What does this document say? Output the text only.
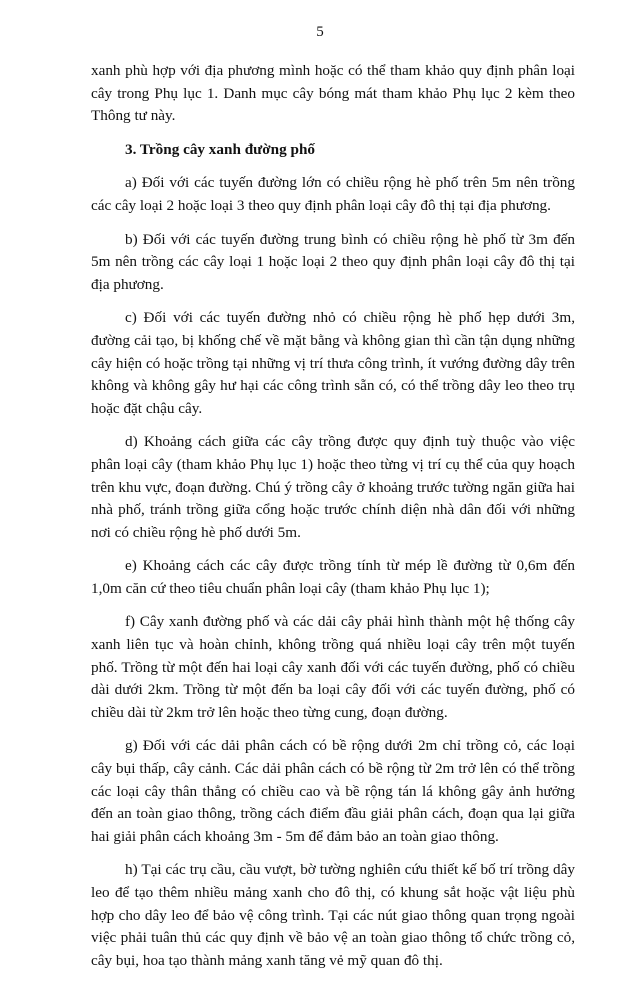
5

xanh phù hợp với địa phương mình hoặc có thể tham khảo quy định phân loại cây trong Phụ lục 1. Danh mục cây bóng mát tham khảo Phụ lục 2 kèm theo Thông tư này.

3. Trồng cây xanh đường phố

a) Đối với các tuyến đường lớn có chiều rộng hè phố trên 5m nên trồng các cây loại 2 hoặc loại 3 theo quy định phân loại cây đô thị tại địa phương.

b) Đối với các tuyến đường trung bình có chiều rộng hè phố từ 3m đến 5m nên trồng các cây loại 1 hoặc loại 2 theo quy định phân loại cây đô thị tại địa phương.

c) Đối với các tuyến đường nhỏ có chiều rộng hè phố hẹp dưới 3m, đường cải tạo, bị khống chế về mặt bằng và không gian thì cần tận dụng những cây hiện có hoặc trồng tại những vị trí thưa công trình, ít vướng đường dây trên không và không gây hư hại các công trình sẵn có, có thể trồng dây leo theo trụ hoặc đặt chậu cây.

d) Khoảng cách giữa các cây trồng được quy định tuỳ thuộc vào việc phân loại cây (tham khảo Phụ lục 1) hoặc theo từng vị trí cụ thể của quy hoạch trên khu vực, đoạn đường. Chú ý trồng cây ở khoảng trước tường ngăn giữa hai nhà phố, tránh trồng giữa cổng hoặc trước chính diện nhà dân đối với những nơi có chiều rộng hè phố dưới 5m.

e) Khoảng cách các cây được trồng tính từ mép lề đường từ 0,6m đến 1,0m căn cứ theo tiêu chuẩn phân loại cây (tham khảo Phụ lục 1);

f) Cây xanh đường phố và các dải cây phải hình thành một hệ thống cây xanh liên tục và hoàn chỉnh, không trồng quá nhiều loại cây trên một tuyến phố. Trồng từ một đến hai loại cây xanh đối với các tuyến đường, phố có chiều dài dưới 2km. Trồng từ một đến ba loại cây đối với các tuyến đường, phố có chiều dài từ 2km trở lên hoặc theo từng cung, đoạn đường.

g) Đối với các dải phân cách có bề rộng dưới 2m chỉ trồng cỏ, các loại cây bụi thấp, cây cảnh. Các dải phân cách có bề rộng từ 2m trở lên có thể trồng các loại cây thân thẳng có chiều cao và bề rộng tán lá không gây ảnh hưởng đến an toàn giao thông, trồng cách điểm đầu giải phân cách, đoạn qua lại giữa hai giải phân cách khoảng 3m - 5m để đảm bảo an toàn giao thông.

h) Tại các trụ cầu, cầu vượt, bờ tường nghiên cứu thiết kế bố trí trồng dây leo để tạo thêm nhiều mảng xanh cho đô thị, có khung sắt hoặc vật liệu phù hợp cho dây leo để bảo vệ công trình. Tại các nút giao thông quan trọng ngoài việc phải tuân thủ các quy định về bảo vệ an toàn giao thông tổ chức trồng cỏ, cây bụi, hoa tạo thành mảng xanh tăng vẻ mỹ quan đô thị.
